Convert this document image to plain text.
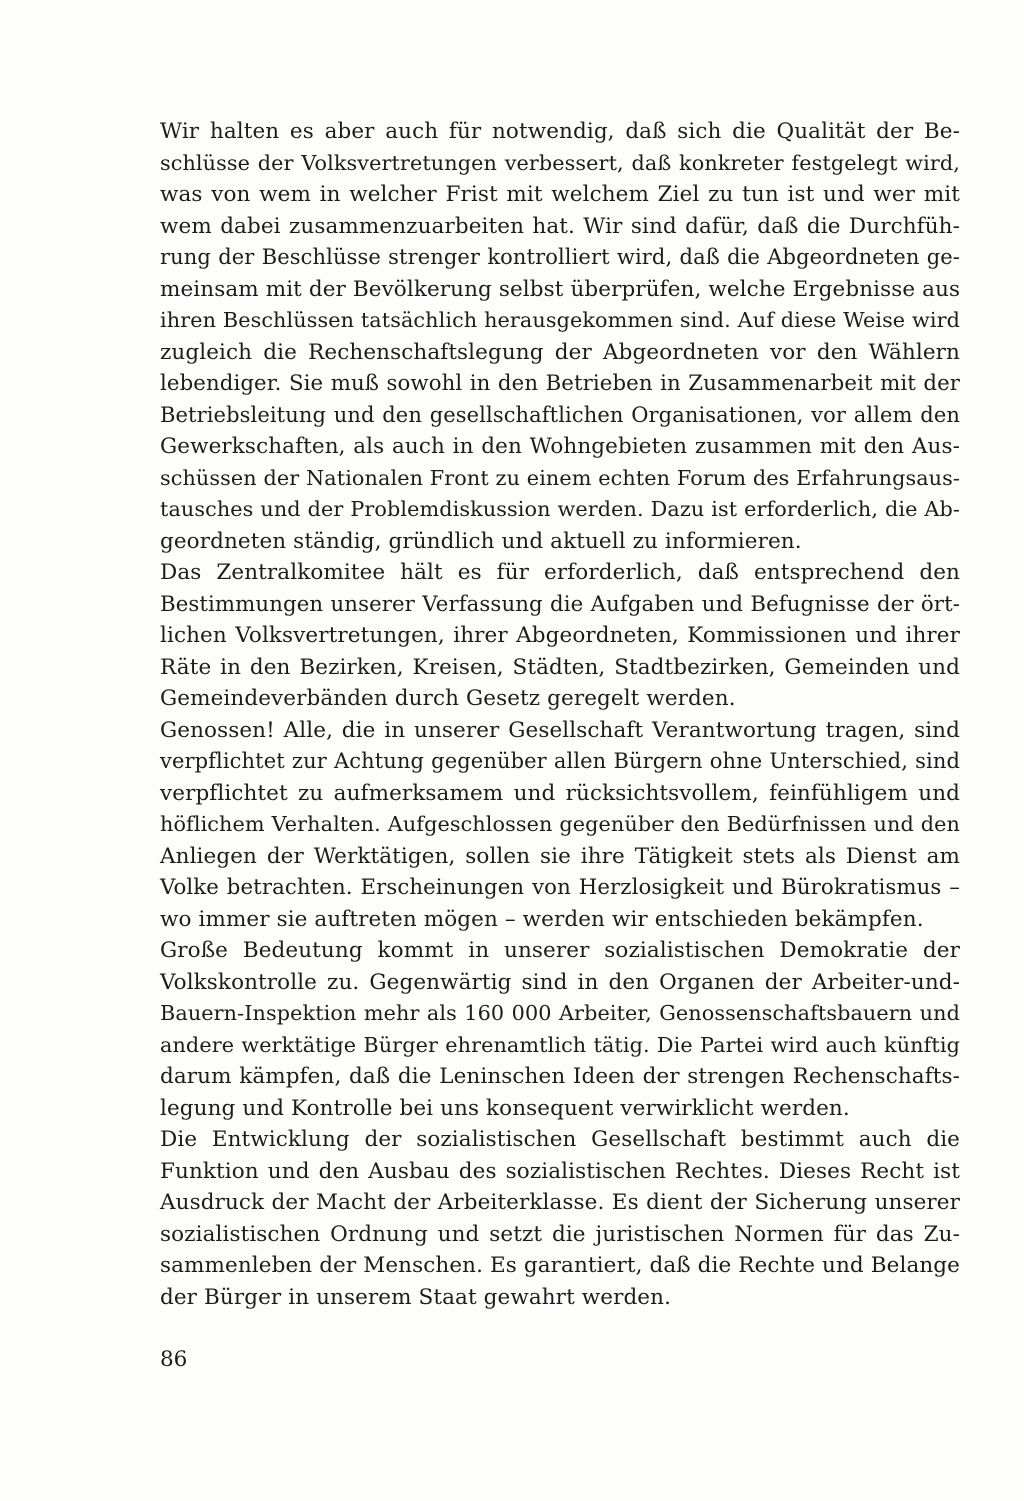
Wir halten es aber auch für notwendig, daß sich die Qualität der Be-
schlüsse der Volksvertretungen verbessert, daß konkreter festgelegt wird,
was von wem in welcher Frist mit welchem Ziel zu tun ist und wer mit
wem dabei zusammenzuarbeiten hat. Wir sind dafür, daß die Durchfüh-
rung der Beschlüsse strenger kontrolliert wird, daß die Abgeordneten ge-
meinsam mit der Bevölkerung selbst überprüfen, welche Ergebnisse aus
ihren Beschlüssen tatsächlich herausgekommen sind. Auf diese Weise wird
zugleich die Rechenschaftslegung der Abgeordneten vor den Wählern
lebendiger. Sie muß sowohl in den Betrieben in Zusammenarbeit mit der
Betriebsleitung und den gesellschaftlichen Organisationen, vor allem den
Gewerkschaften, als auch in den Wohngebieten zusammen mit den Aus-
schüssen der Nationalen Front zu einem echten Forum des Erfahrungsaus-
tausches und der Problemdiskussion werden. Dazu ist erforderlich, die Ab-
geordneten ständig, gründlich und aktuell zu informieren.
Das Zentralkomitee hält es für erforderlich, daß entsprechend den
Bestimmungen unserer Verfassung die Aufgaben und Befugnisse der ört-
lichen Volksvertretungen, ihrer Abgeordneten, Kommissionen und ihrer
Räte in den Bezirken, Kreisen, Städten, Stadtbezirken, Gemeinden und
Gemeindeverbänden durch Gesetz geregelt werden.
Genossen! Alle, die in unserer Gesellschaft Verantwortung tragen, sind
verpflichtet zur Achtung gegenüber allen Bürgern ohne Unterschied, sind
verpflichtet zu aufmerksamem und rücksichtsvollem, feinfühligem und
höflichem Verhalten. Aufgeschlossen gegenüber den Bedürfnissen und den
Anliegen der Werktätigen, sollen sie ihre Tätigkeit stets als Dienst am
Volke betrachten. Erscheinungen von Herzlosigkeit und Bürokratismus –
wo immer sie auftreten mögen – werden wir entschieden bekämpfen.
Große Bedeutung kommt in unserer sozialistischen Demokratie der
Volkskontrolle zu. Gegenwärtig sind in den Organen der Arbeiter-und-
Bauern-Inspektion mehr als 160 000 Arbeiter, Genossenschaftsbauern und
andere werktätige Bürger ehrenamtlich tätig. Die Partei wird auch künftig
darum kämpfen, daß die Leninschen Ideen der strengen Rechenschafts-
legung und Kontrolle bei uns konsequent verwirklicht werden.
Die Entwicklung der sozialistischen Gesellschaft bestimmt auch die
Funktion und den Ausbau des sozialistischen Rechtes. Dieses Recht ist
Ausdruck der Macht der Arbeiterklasse. Es dient der Sicherung unserer
sozialistischen Ordnung und setzt die juristischen Normen für das Zu-
sammenleben der Menschen. Es garantiert, daß die Rechte und Belange
der Bürger in unserem Staat gewahrt werden.
86
